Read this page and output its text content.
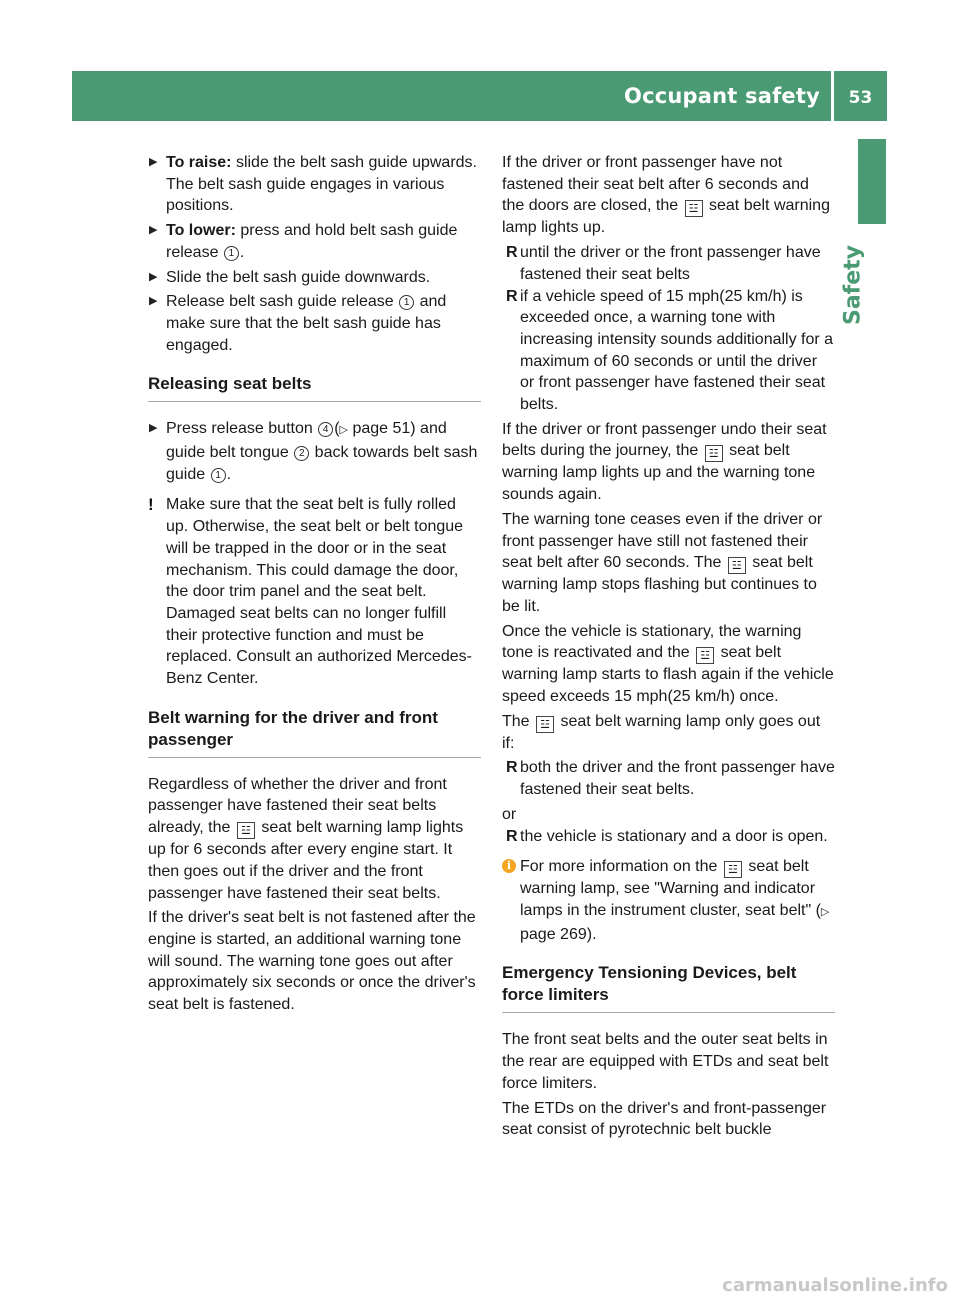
Occupant safety	53
Safety

▶ To raise: slide the belt sash guide upwards. The belt sash guide engages in various positions.

▶ To lower: press and hold belt sash guide release 1 .

▶ Slide the belt sash guide downwards.

▶ Release belt sash guide release 1 and make sure that the belt sash guide has engaged.

Releasing seat belts

▶ Press release button 4 (▷ page 51) and guide belt tongue 2 back towards belt sash guide 1 .

! Make sure that the seat belt is fully rolled up. Otherwise, the seat belt or belt tongue will be trapped in the door or in the seat mechanism. This could damage the door, the door trim panel and the seat belt. Damaged seat belts can no longer fulfill their protective function and must be replaced. Consult an authorized Mercedes-Benz Center.

Belt warning for the driver and front passenger

Regardless of whether the driver and front passenger have fastened their seat belts already, the ☳ seat belt warning lamp lights up for 6 seconds after every engine start. It then goes out if the driver and the front passenger have fastened their seat belts.

If the driver's seat belt is not fastened after the engine is started, an additional warning tone will sound. The warning tone goes out after approximately six seconds or once the driver's seat belt is fastened.

If the driver or front passenger have not fastened their seat belt after 6 seconds and the doors are closed, the ☳ seat belt warning lamp lights up.

R until the driver or the front passenger have fastened their seat belts

R if a vehicle speed of 15 mph(25 km/h) is exceeded once, a warning tone with increasing intensity sounds additionally for a maximum of 60 seconds or until the driver or front passenger have fastened their seat belts.

If the driver or front passenger undo their seat belts during the journey, the ☳ seat belt warning lamp lights up and the warning tone sounds again.

The warning tone ceases even if the driver or front passenger have still not fastened their seat belt after 60 seconds. The ☳ seat belt warning lamp stops flashing but continues to be lit.

Once the vehicle is stationary, the warning tone is reactivated and the ☳ seat belt warning lamp starts to flash again if the vehicle speed exceeds 15 mph(25 km/h) once.

The ☳ seat belt warning lamp only goes out if:

R both the driver and the front passenger have fastened their seat belts.

or

R the vehicle is stationary and a door is open.

i For more information on the ☳ seat belt warning lamp, see "Warning and indicator lamps in the instrument cluster, seat belt" (▷ page 269).

Emergency Tensioning Devices, belt force limiters

The front seat belts and the outer seat belts in the rear are equipped with ETDs and seat belt force limiters.

The ETDs on the driver's and front-passenger seat consist of pyrotechnic belt buckle

carmanualsonline.info
